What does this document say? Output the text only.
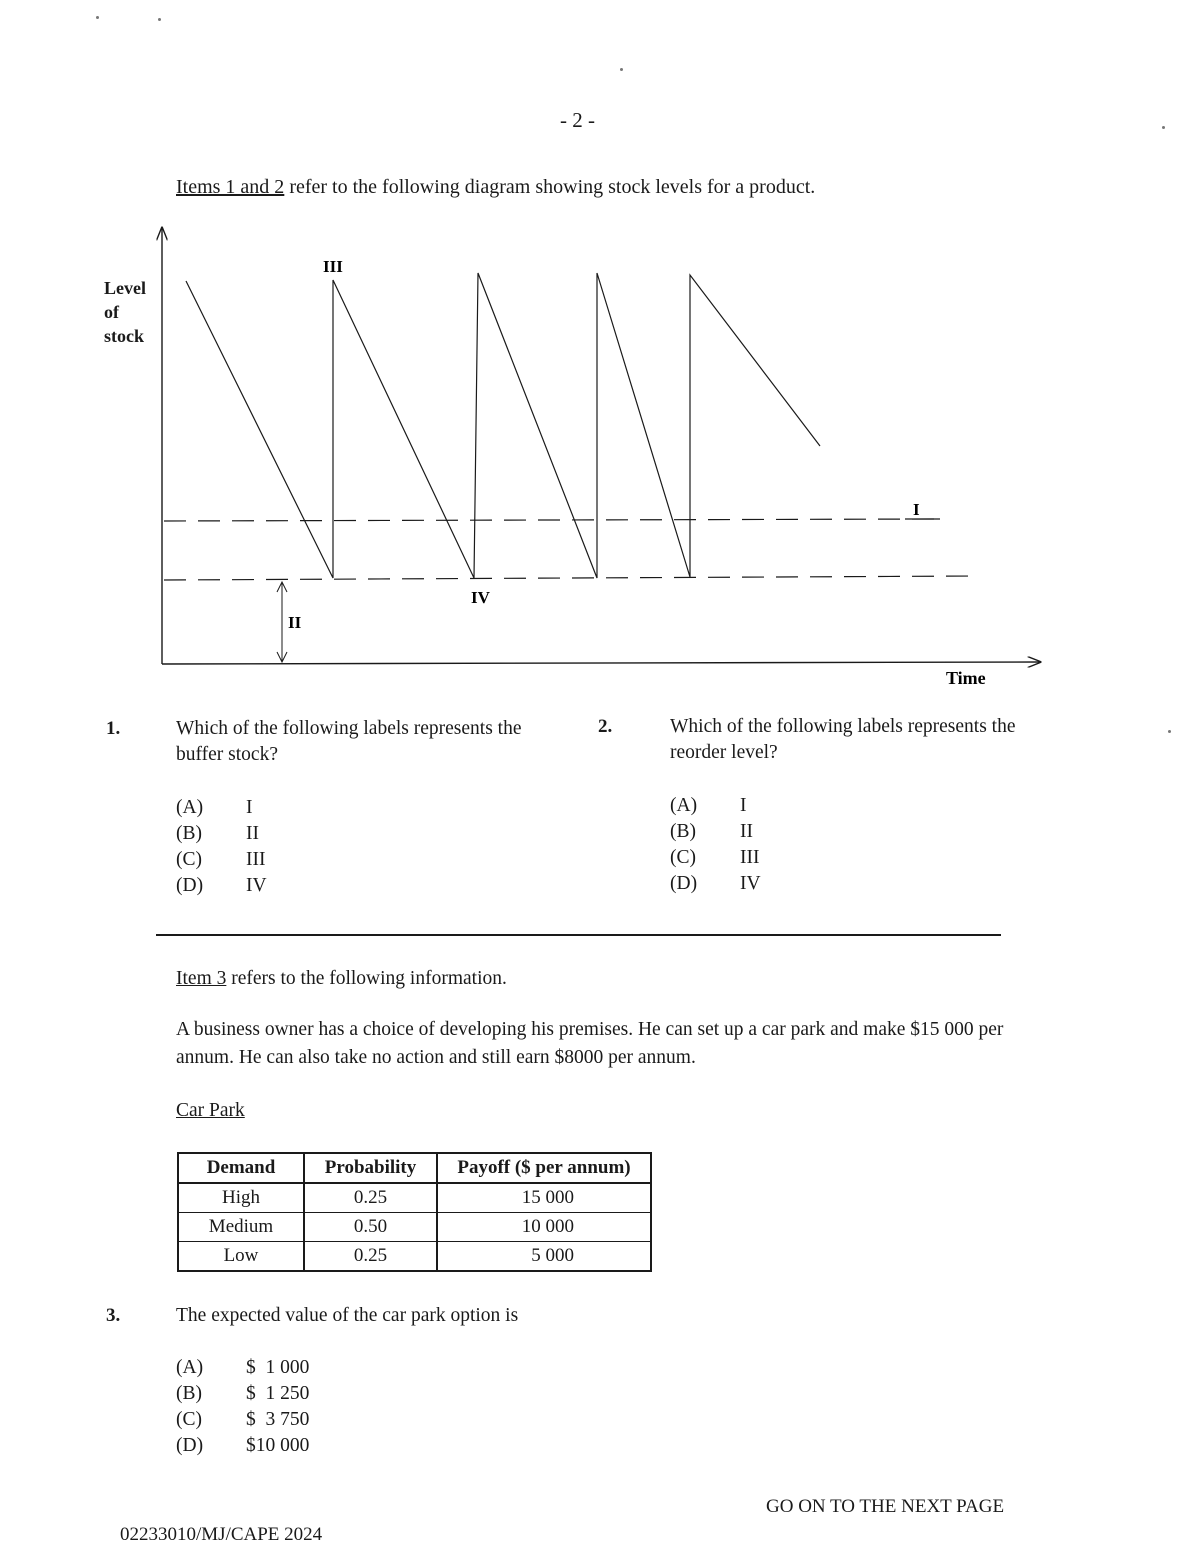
- 2 -
Items 1 and 2 refer to the following diagram showing stock levels for a product.
III
IV
II
I
Time
Level
of
stock
1.	Which of the following labels represents the buffer stock?
(A)	I
(B)	II
(C)	III
(D)	IV
2.	Which of the following labels represents the reorder level?
(A)	I
(B)	II
(C)	III
(D)	IV
Item 3 refers to the following information.
A business owner has a choice of developing his premises. He can set up a car park and make $15 000 per annum. He can also take no action and still earn $8000 per annum.
Car Park
Demand	Probability	Payoff ($ per annum)
High	0.25	15 000
Medium	0.50	10 000
Low	0.25	5 000
3.	The expected value of the car park option is
(A)	$  1 000
(B)	$  1 250
(C)	$  3 750
(D)	$10 000
GO ON TO THE NEXT PAGE
02233010/MJ/CAPE 2024
